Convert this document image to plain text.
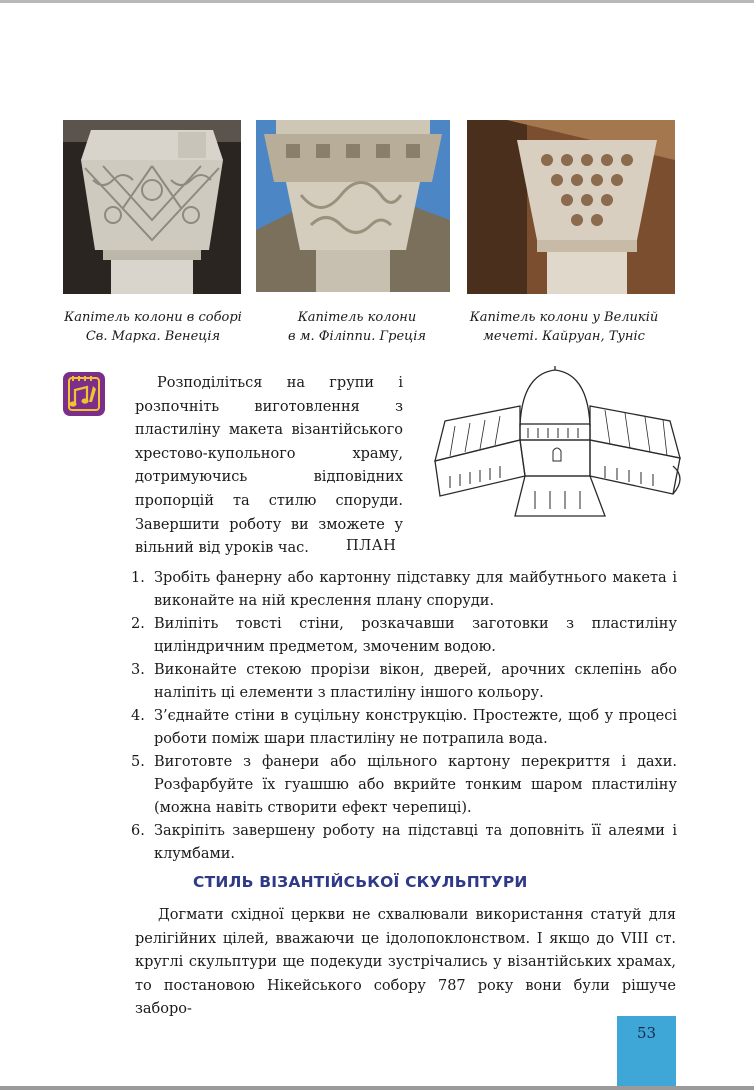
Капітель колони в соборі
Св. Марка. Венеція
Капітель колони
в м. Філіппи. Греція
Капітель колони у Великій
мечеті. Кайруан, Туніс

Розподіліться на групи і розпочніть виготовлення з пластиліну макета візантійського хрестово-купольного храму, дотримуючись відповідних пропорцій та стилю споруди. Завершити роботу ви зможете у вільний від уроків час.	ПЛАН
1. Зробіть фанерну або картонну підставку для майбутнього макета і виконайте на ній креслення плану споруди.
2. Виліпіть товсті стіни, розкачавши заготовки з пластиліну циліндричним предметом, змоченим водою.
3. Виконайте стекою прорізи вікон, дверей, арочних склепінь або наліпіть ці елементи з пластиліну іншого кольору.
4. З’єднайте стіни в суцільну конструкцію. Простежте, щоб у процесі роботи поміж шари пластиліну не потрапила вода.
5. Виготовте з фанери або щільного картону перекриття і дахи. Розфарбуйте їх гуашшю або вкрийте тонким шаром пластиліну (можна навіть створити ефект черепиці).
6. Закріпіть завершену роботу на підставці та доповніть її алеями і клумбами.
СТИЛЬ ВІЗАНТІЙСЬКОЇ СКУЛЬПТУРИ

Догмати східної церкви не схвалювали використання статуй для релігійних цілей, вважаючи це ідолопоклонством. І якщо до VIII ст. круглі скульптури ще подекуди зустрічались у візантійських храмах, то постановою Нікейського собору 787 року вони були рішуче заборо-

53
